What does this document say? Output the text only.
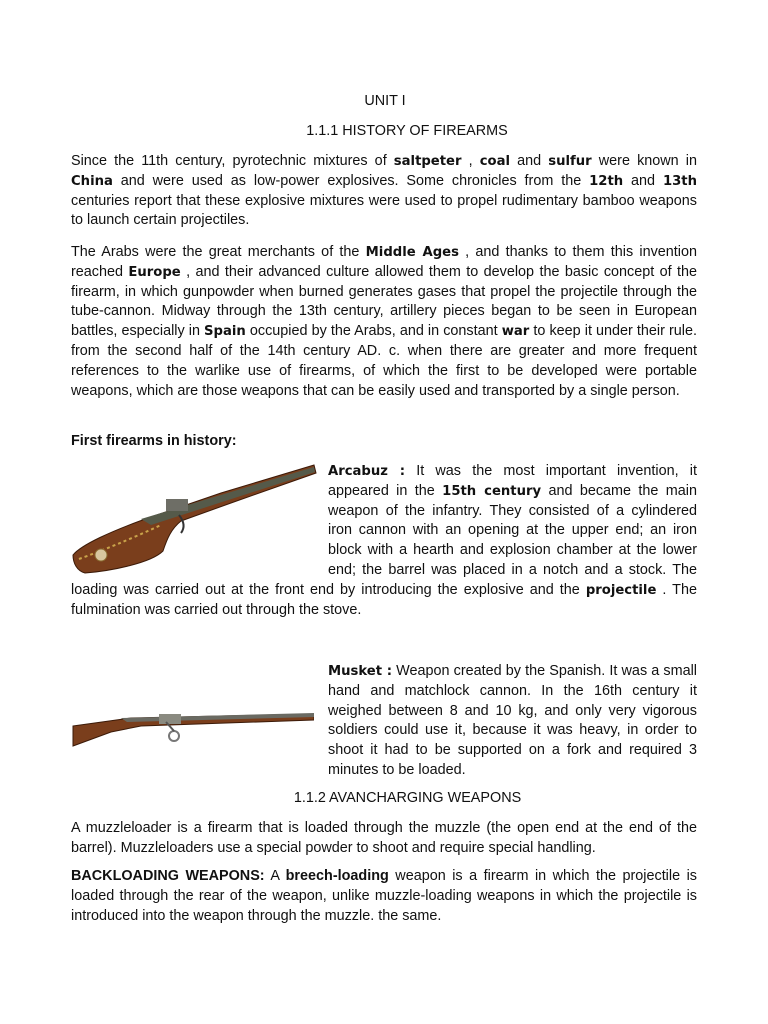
UNIT I
1.1.1 HISTORY OF FIREARMS

Since the 11th century, pyrotechnic mixtures of saltpeter , coal and sulfur were known in China and were used as low-power explosives. Some chronicles from the 12th and 13th centuries report that these explosive mixtures were used to propel rudimentary bamboo weapons to launch certain projectiles.

The Arabs were the great merchants of the Middle Ages , and thanks to them this invention reached Europe , and their advanced culture allowed them to develop the basic concept of the firearm, in which gunpowder when burned generates gases that propel the projectile through the tube-cannon. Midway through the 13th century, artillery pieces began to be seen in European battles, especially in Spain occupied by the Arabs, and in constant war to keep it under their rule. from the second half of the 14th century AD. c. when there are greater and more frequent references to the warlike use of firearms, of which the first to be developed were portable weapons, which are those weapons that can be easily used and transported by a single person.

First firearms in history:

Arcabuz : It was the most important invention, it appeared in the 15th century and became the main weapon of the infantry. They consisted of a cylindered iron cannon with an opening at the upper end; an iron block with a hearth and explosion chamber at the lower end; the barrel was placed in a notch and a stock. The loading was carried out at the front end by introducing the explosive and the projectile . The fulmination was carried out through the stove.

Musket : Weapon created by the Spanish. It was a small hand and matchlock cannon. In the 16th century it weighed between 8 and 10 kg, and only very vigorous soldiers could use it, because it was heavy, in order to shoot it had to be supported on a fork and required 3 minutes to be loaded.

1.1.2 AVANCHARGING WEAPONS

A muzzleloader is a firearm that is loaded through the muzzle (the open end at the end of the barrel). Muzzleloaders use a special powder to shoot and require special handling.

BACKLOADING WEAPONS: A breech-loading weapon is a firearm in which the projectile is loaded through the rear of the weapon, unlike muzzle-loading weapons in which the projectile is introduced into the weapon through the muzzle. the same.
